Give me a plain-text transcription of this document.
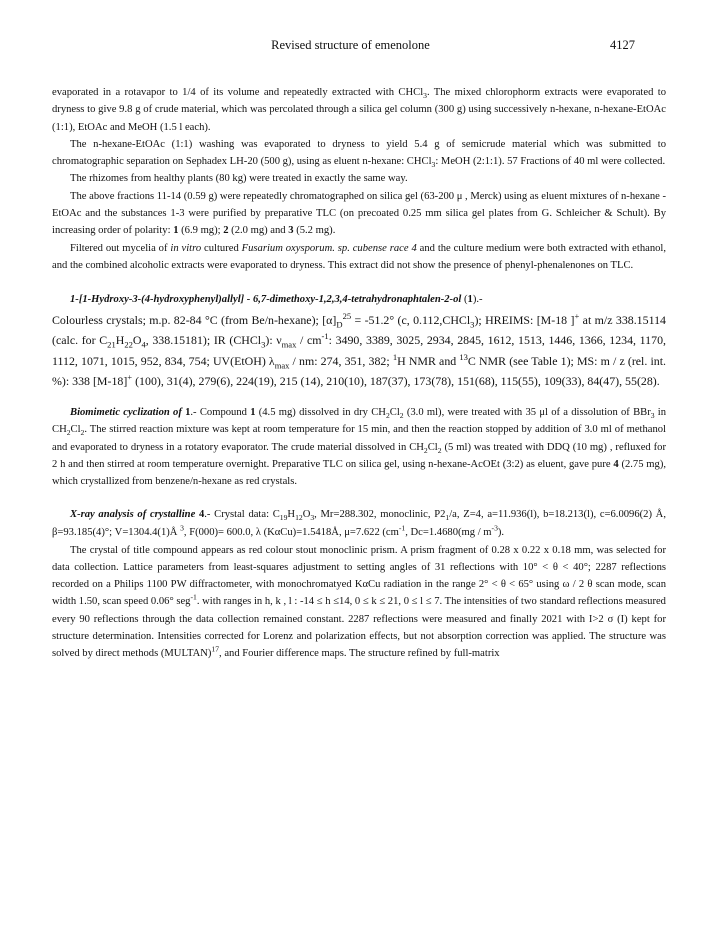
Revised structure of emenolone	4127

evaporated in a rotavapor to 1/4 of its volume and repeatedly extracted with CHCl$_3$. The mixed chlorophorm extracts were evaporated to dryness to give 9.8 g of crude material, which was percolated through a silica gel column (300 g) using successively n-hexane, n-hexane-EtOAc (1:1), EtOAc and MeOH (1.5 l each).

The n-hexane-EtOAc (1:1) washing was evaporated to dryness to yield 5.4 g of semicrude material which was submitted to chromatographic separation on Sephadex LH-20 (500 g), using as eluent n-hexane: CHCl$_3$: MeOH (2:1:1). 57 Fractions of 40 ml were collected.

The rhizomes from healthy plants (80 kg) were treated in exactly the same way.

The above fractions 11-14 (0.59 g) were repeatedly chromatographed on silica gel (63-200 μ , Merck) using as eluent mixtures of n-hexane - EtOAc and the substances 1-3 were purified by preparative TLC (on precoated 0.25 mm silica gel plates from G. Schleicher & Schult). By increasing order of polarity: 1 (6.9 mg); 2 (2.0 mg) and 3 (5.2 mg).

Filtered out mycelia of in vitro cultured Fusarium oxysporum. sp. cubense race 4 and the culture medium were both extracted with ethanol, and the combined alcoholic extracts were evaporated to dryness. This extract did not show the presence of phenyl-phenalenones on TLC.

1-[1-Hydroxy-3-(4-hydroxyphenyl)allyl] - 6,7-dimethoxy-1,2,3,4-tetrahydronaphtalen-2-ol (1).-

Colourless crystals; m.p. 82-84 °C (from Be/n-hexane); $[\alpha]_D^{25} = -51.2^\circ$ (c, 0.112,CHCl$_3$); HREIMS: [M-18 ]+ at m/z 338.15114 (calc. for $C_{21}H_{22}O_4$, 338.15181); IR (CHCl$_3$): $\nu_{max} / cm^{-1}$: 3490, 3389, 3025, 2934, 2845, 1612, 1513, 1446, 1366, 1234, 1170, 1112, 1071, 1015, 952, 834, 754; UV(EtOH) $\lambda_{max}$ / nm: 274, 351, 382; $^1$H NMR and $^{13}$C NMR (see Table 1); MS: m / z (rel. int. %): 338 [M-18]+ (100), 31(4), 279(6), 224(19), 215 (14), 210(10), 187(37), 173(78), 151(68), 115(55), 109(33), 84(47), 55(28).

Biomimetic cyclization of 1.- Compound 1 (4.5 mg) dissolved in dry $CH_2Cl_2$ (3.0 ml), were treated with 35 μl of a dissolution of BBr$_3$ in $CH_2Cl_2$. The stirred reaction mixture was kept at room temperature for 15 min, and then the reaction stopped by addition of 3.0 ml of methanol and evaporated to dryness in a rotatory evaporator. The crude material dissolved in $CH_2Cl_2$ (5 ml) was treated with DDQ (10 mg) , refluxed for 2 h and then stirred at room temperature overnight. Preparative TLC on silica gel, using n-hexane-AcOEt (3:2) as eluent, gave pure 4 (2.75 mg), which crystallized from benzene/n-hexane as red crystals.

X-ray analysis of crystalline 4.- Crystal data: $C_{19}H_{12}O_3$, Mr=288.302, monoclinic, $P2_1/a$, Z=4, a=11.936(l), b=18.213(l), c=6.0096(2) Å, β=93.185(4)°; V=1304.4(1)Å $^3$, F(000)= 600.0, λ (KαCu)=1.5418Å, μ=7.622 ($cm^{-1}$, $Dc=1.4680(mg / m^{-3})$.

The crystal of title compound appears as red colour stout monoclinic prism. A prism fragment of 0.28 x 0.22 x 0.18 mm, was selected for data collection. Lattice parameters from least-squares adjustment to setting angles of 31 reflections with 10° < θ < 40°; 2287 reflections recorded on a Philips 1100 PW diffractometer, with monochromatyed KαCu radiation in the range 2° < θ < 65° using ω / 2 θ scan mode, scan width 1.50, scan speed 0.06° seg$^{-1}$. with ranges in h, k , l : -14 ≤ h ≤14, 0 ≤ k ≤ 21, 0 ≤ l ≤ 7. The intensities of two standard reflections measured every 90 reflections through the data collection remained constant. 2287 reflections were measured and finally 2021 with I>2 σ (I) kept for structure determination. Intensities corrected for Lorenz and polarization effects, but not absorption correction was applied. The structure was solved by direct methods (MULTAN)$^{17}$, and Fourier difference maps. The structure refined by full-matrix
